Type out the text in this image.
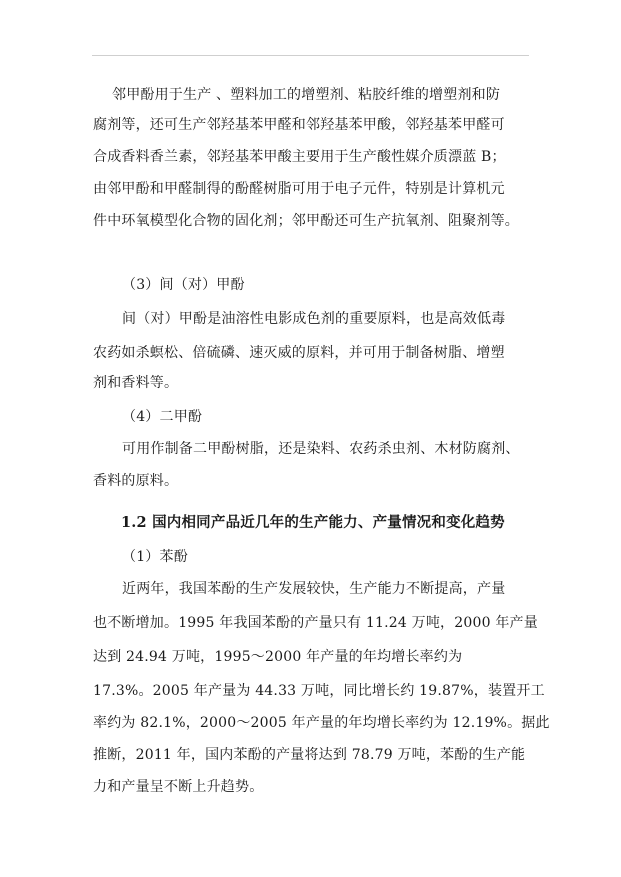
邻甲酚用于生产 、塑料加工的增塑剂、粘胶纤维的增塑剂和防
腐剂等，还可生产邻羟基苯甲醛和邻羟基苯甲酸，邻羟基苯甲醛可
合成香料香兰素，邻羟基苯甲酸主要用于生产酸性媒介质漂蓝 B；
由邻甲酚和甲醛制得的酚醛树脂可用于电子元件，特别是计算机元
件中环氧模型化合物的固化剂；邻甲酚还可生产抗氧剂、阻聚剂等。
（3）间（对）甲酚
间（对）甲酚是油溶性电影成色剂的重要原料，也是高效低毒
农药如杀螟松、倍硫磷、速灭威的原料，并可用于制备树脂、增塑
剂和香料等。
（4）二甲酚
可用作制备二甲酚树脂，还是染料、农药杀虫剂、木材防腐剂、
香料的原料。
1.2 国内相同产品近几年的生产能力、产量情况和变化趋势
（1）苯酚
近两年，我国苯酚的生产发展较快，生产能力不断提高，产量
也不断增加。1995 年我国苯酚的产量只有 11.24 万吨，2000 年产量
达到 24.94 万吨，1995～2000 年产量的年均增长率约为
17.3%。2005 年产量为 44.33 万吨，同比增长约 19.87%，装置开工
率约为 82.1%，2000～2005 年产量的年均增长率约为 12.19%。据此
推断，2011 年，国内苯酚的产量将达到 78.79 万吨，苯酚的生产能
力和产量呈不断上升趋势。
